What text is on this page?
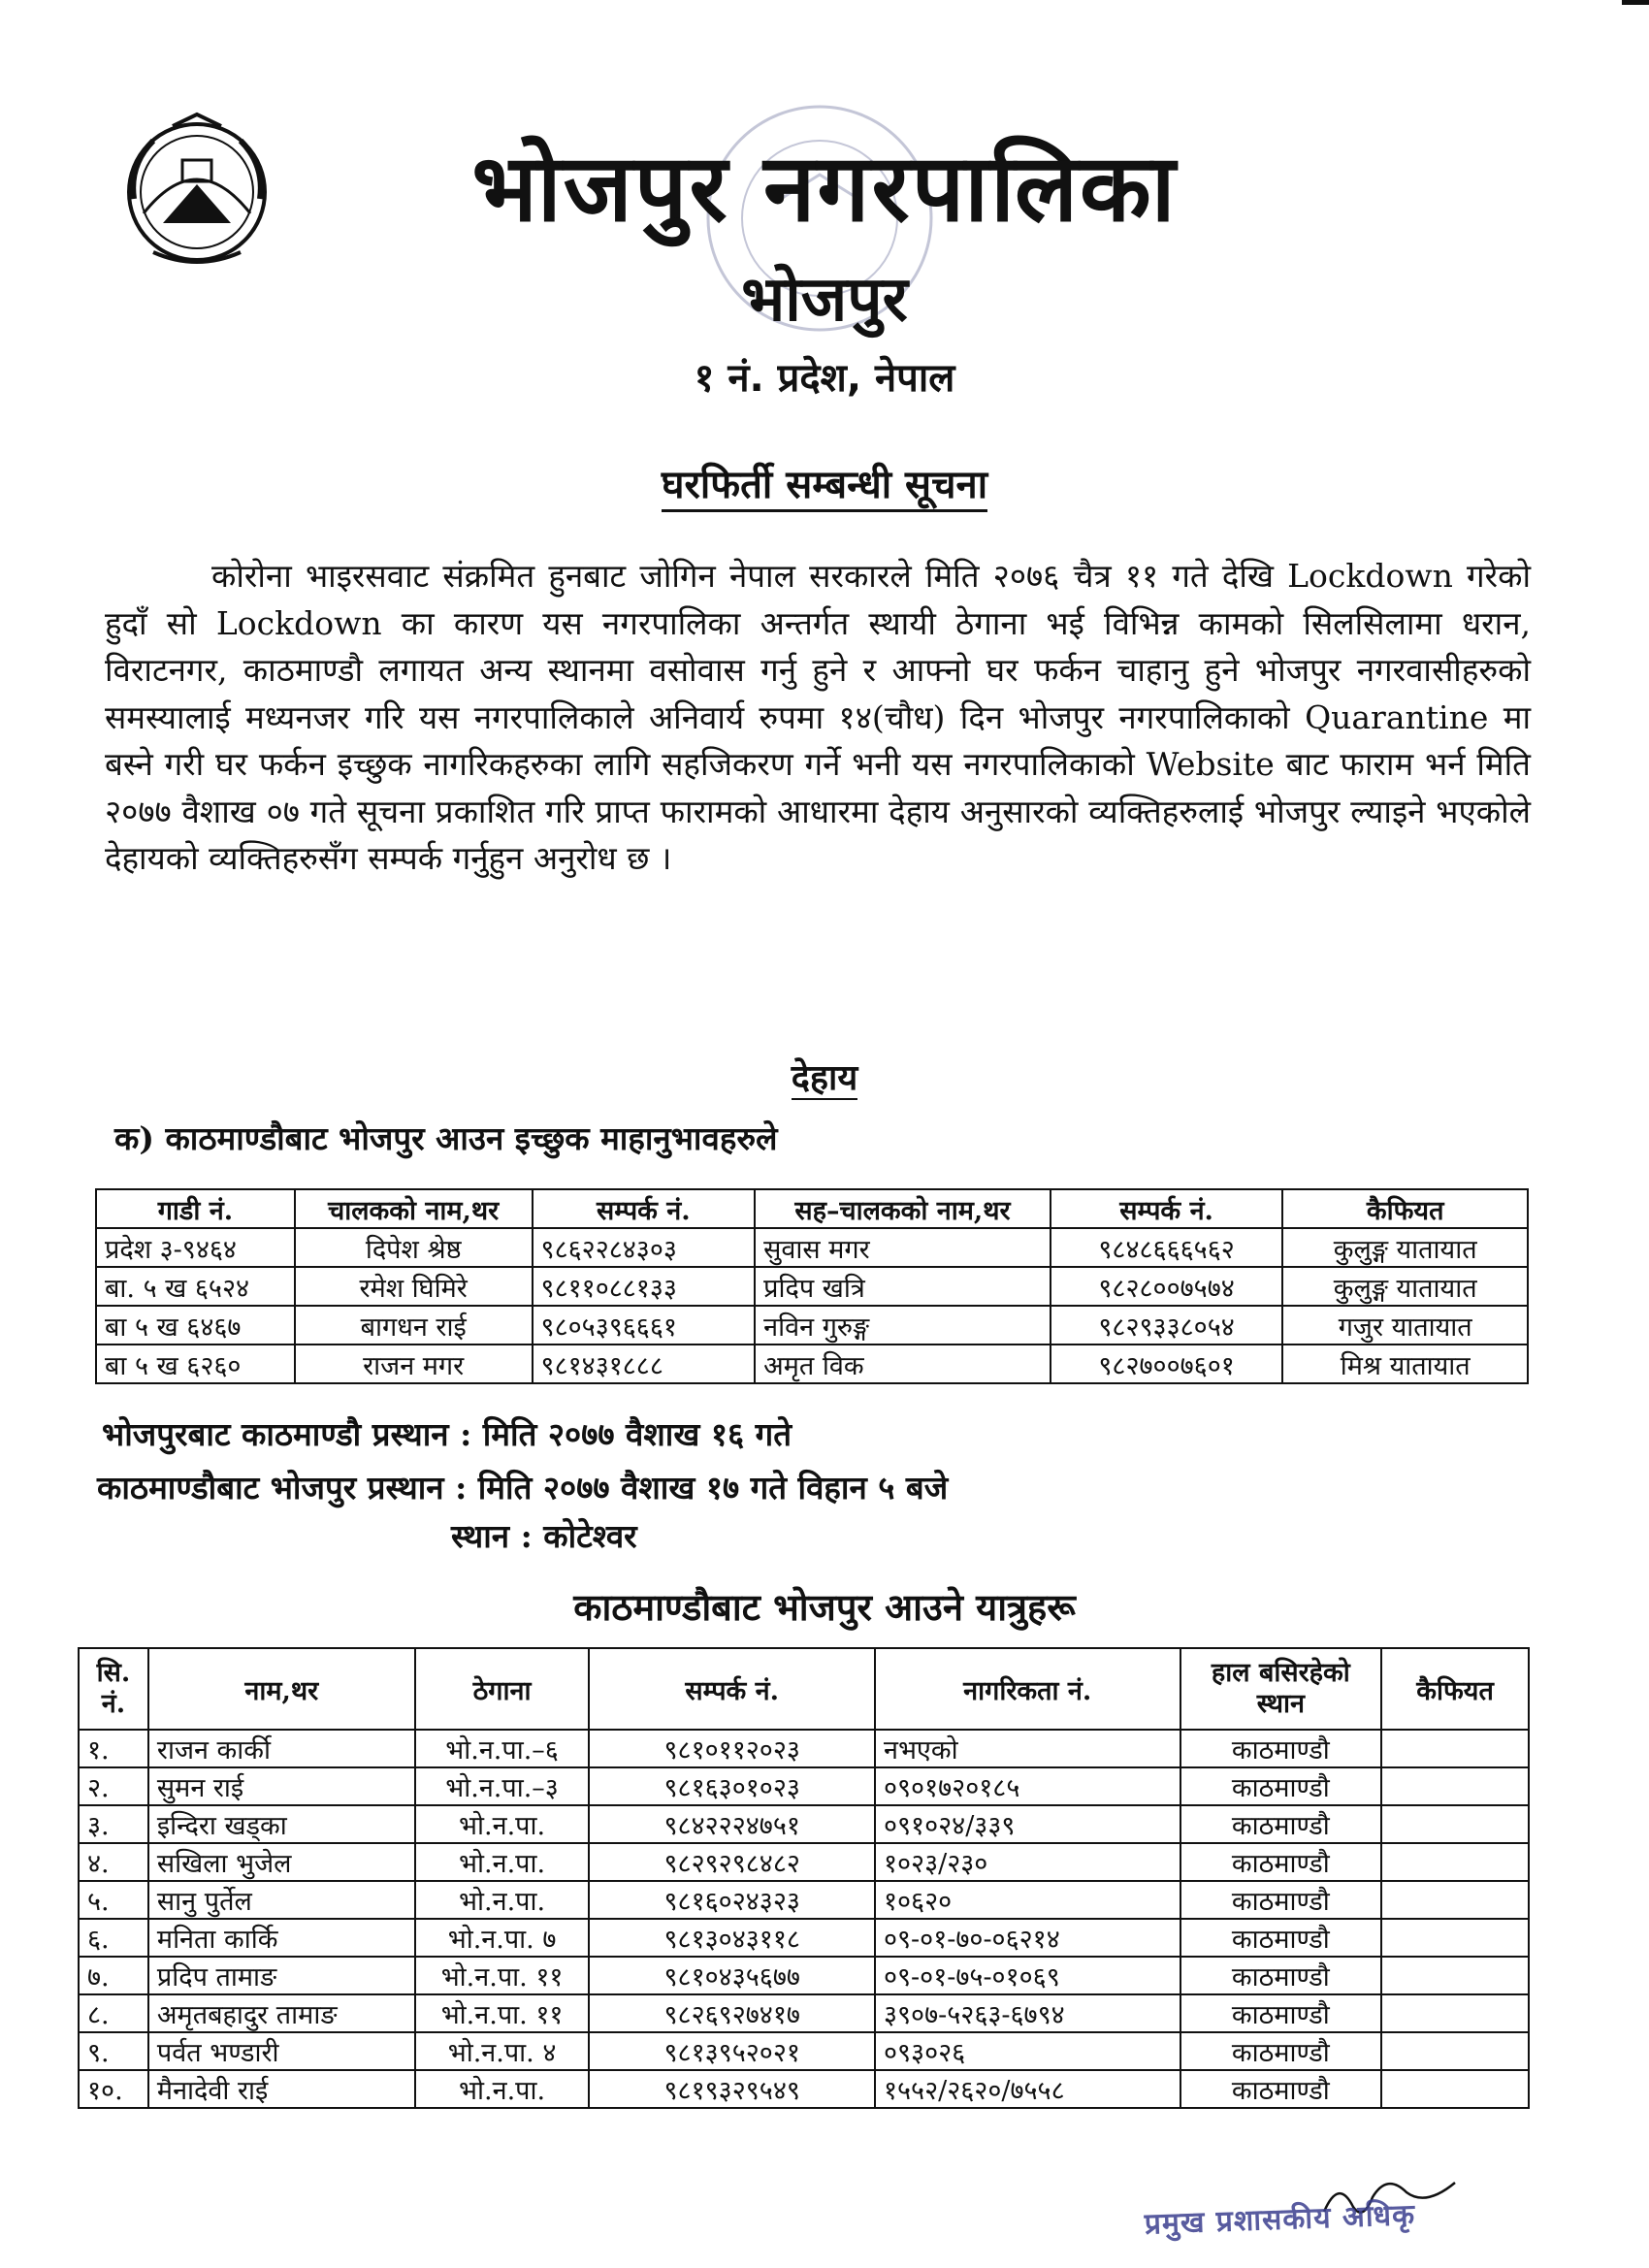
भोजपुर नगरपालिका
भोजपुर
१ नं. प्रदेश, नेपाल
घरफिर्ती सम्बन्धी सूचना
कोरोना भाइरसवाट संक्रमित हुनबाट जोगिन नेपाल सरकारले मिति २०७६ चैत्र ११ गते देखि Lockdown गरेको हुदाँ सो Lockdown का कारण यस नगरपालिका अन्तर्गत स्थायी ठेगाना भई विभिन्न कामको सिलसिलामा धरान, विराटनगर, काठमाण्डौ लगायत अन्य स्थानमा वसोवास गर्नु हुने र आफ्नो घर फर्कन चाहानु हुने भोजपुर नगरवासीहरुको समस्यालाई मध्यनजर गरि यस नगरपालिकाले अनिवार्य रुपमा १४(चौध) दिन भोजपुर नगरपालिकाको Quarantine मा बस्ने गरी घर फर्कन इच्छुक नागरिकहरुका लागि सहजिकरण गर्ने भनी यस नगरपालिकाको Website बाट फाराम भर्न मिति २०७७ वैशाख ०७ गते सूचना प्रकाशित गरि प्राप्त फारामको आधारमा देहाय अनुसारको व्यक्तिहरुलाई भोजपुर ल्याइने भएकोले देहायको व्यक्तिहरुसँग सम्पर्क गर्नुहुन अनुरोध छ ।
देहाय
क) काठमाण्डौबाट भोजपुर आउन इच्छुक माहानुभावहरुले
गाडी नं.	चालकको नाम,थर	सम्पर्क नं.	सह–चालकको नाम,थर	सम्पर्क नं.	कैफियत
प्रदेश ३-९४६४	दिपेश श्रेष्ठ	९८६२२८४३०३	सुवास मगर	९८४८६६६५६२	कुलुङ्ग यातायात
बा. ५ ख ६५२४	रमेश घिमिरे	९८११०८८१३३	प्रदिप खत्रि	९८२८००७५७४	कुलुङ्ग यातायात
बा ५ ख ६४६७	बागधन राई	९८०५३९६६६१	नविन गुरुङ्ग	९८२९३३८०५४	गजुर यातायात
बा ५ ख ६२६०	राजन मगर	९८१४३१८८८	अमृत विक	९८२७००७६०१	मिश्र यातायात
भोजपुरबाट काठमाण्डौ प्रस्थान : मिति २०७७ वैशाख १६ गते
काठमाण्डौबाट भोजपुर प्रस्थान : मिति २०७७ वैशाख १७ गते विहान ५ बजे
स्थान : कोटेश्वर
काठमाण्डौबाट भोजपुर आउने यात्रुहरू
सि. नं.	नाम,थर	ठेगाना	सम्पर्क नं.	नागरिकता नं.	हाल बसिरहेको स्थान	कैफियत
१.	राजन कार्की	भो.न.पा.–६	९८१०११२०२३	नभएको	काठमाण्डौ	
२.	सुमन राई	भो.न.पा.–३	९८१६३०१०२३	०९०१७२०१८५	काठमाण्डौ	
३.	इन्दिरा खड्का	भो.न.पा.	९८४२२२४७५१	०९१०२४/३३९	काठमाण्डौ	
४.	सखिला भुजेल	भो.न.पा.	९८२९२९८४८२	१०२३/२३०	काठमाण्डौ	
५.	सानु पुर्तेल	भो.न.पा.	९८१६०२४३२३	१०६२०	काठमाण्डौ	
६.	मनिता कार्कि	भो.न.पा. ७	९८१३०४३११८	०९-०१-७०-०६२१४	काठमाण्डौ	
७.	प्रदिप तामाङ	भो.न.पा. ११	९८१०४३५६७७	०९-०१-७५-०१०६९	काठमाण्डौ	
८.	अमृतबहादुर तामाङ	भो.न.पा. ११	९८२६९२७४१७	३९०७-५२६३-६७९४	काठमाण्डौ	
९.	पर्वत भण्डारी	भो.न.पा. ४	९८१३९५२०२१	०९३०२६	काठमाण्डौ	
१०.	मैनादेवी राई	भो.न.पा.	९८१९३२९५४९	१५५२/२६२०/७५५८	काठमाण्डौ	
प्रमुख प्रशासकीय अधिकृ
